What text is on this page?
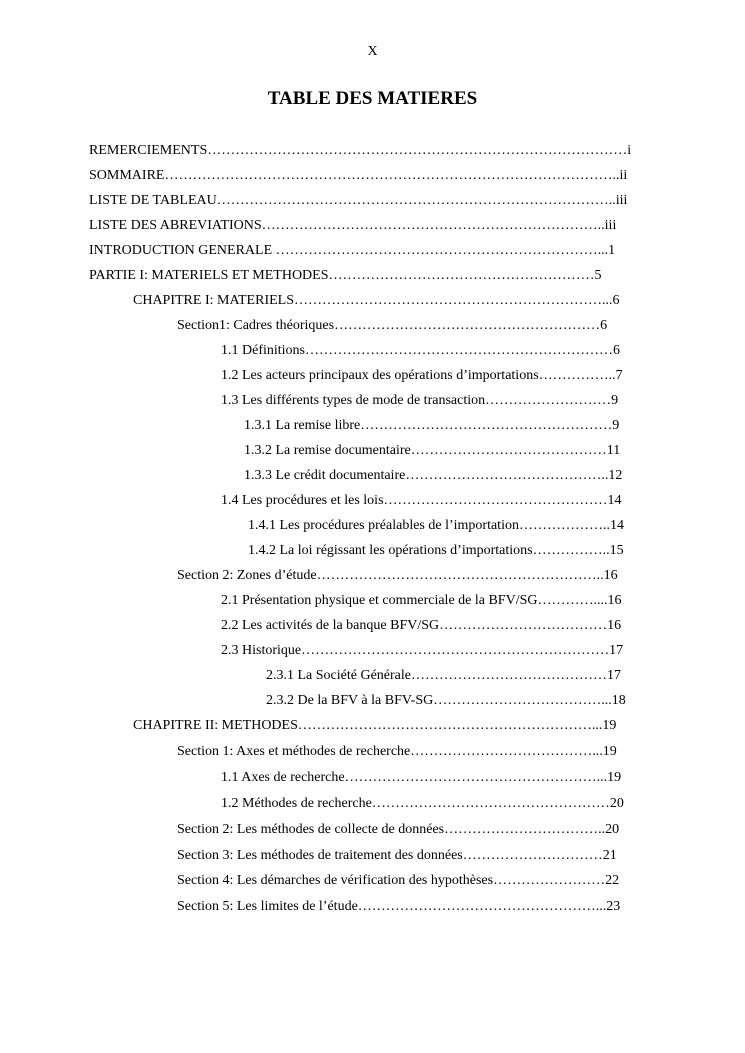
X
TABLE DES MATIERES
REMERCIEMENTS………………………………………………………………………………i
SOMMAIRE……………………………………………………………………………………..ii
LISTE DE TABLEAU…………………………………………………………………………..iii
LISTE DES ABREVIATIONS………………………………………………………………..iii
INTRODUCTION GENERALE ……………………………………………………………...1
PARTIE I: MATERIELS ET METHODES…………………………………………………5
CHAPITRE I: MATERIELS…………………………………………………………...6
Section1: Cadres théoriques…………………………………………………6
1.1 Définitions…………………………………………………………6
1.2 Les acteurs principaux des opérations d’importations……………..7
1.3 Les différents types de mode de transaction………………………9
1.3.1 La remise libre………………………………………………9
1.3.2 La remise documentaire……………………………………11
1.3.3 Le crédit documentaire……………………………………..12
1.4 Les procédures et les lois…………………………………………14
1.4.1 Les procédures préalables de l’importation………………..14
1.4.2 La loi régissant les opérations d’importations……………..15
Section 2: Zones d’étude……………………………………………………..16
2.1 Présentation physique et commerciale de la BFV/SG…………....16
2.2 Les activités de la banque BFV/SG………………………………16
2.3 Historique…………………………………………………………17
2.3.1 La Société Générale……………………………………17
2.3.2 De la BFV à la BFV-SG………………………………...18
CHAPITRE II: METHODES………………………………………………………...19
Section 1: Axes et méthodes de recherche…………………………………...19
1.1 Axes de recherche………………………………………………...19
1.2 Méthodes de recherche……………………………………………20
Section 2: Les méthodes de collecte de données……………………………..20
Section 3: Les méthodes de traitement des données…………………………21
Section 4: Les démarches de vérification des hypothèses……………………22
Section 5: Les limites de l’étude……………………………………………...23
